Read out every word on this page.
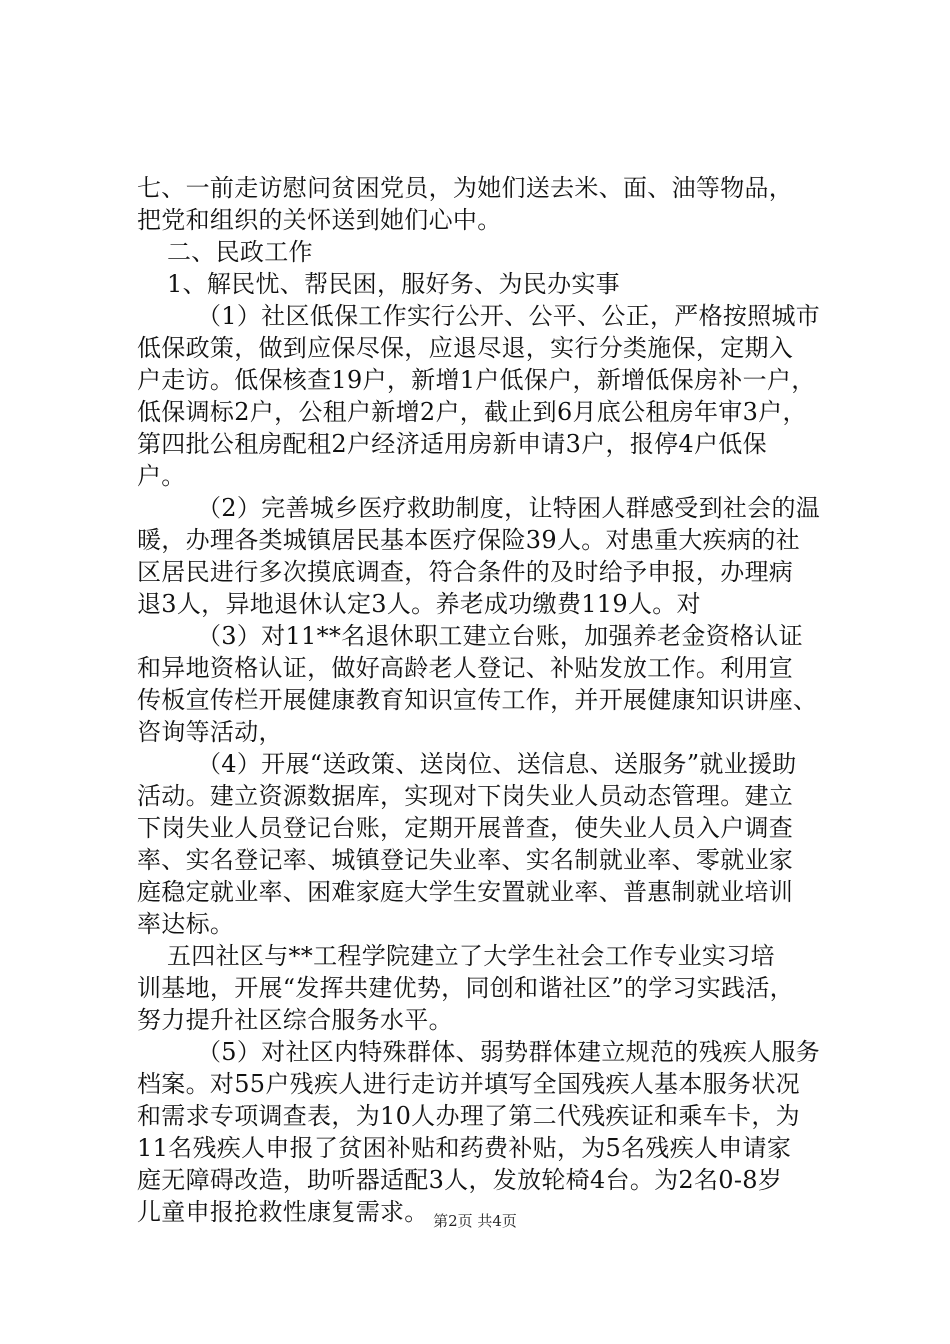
七、一前走访慰问贫困党员，为她们送去米、面、油等物品，
把党和组织的关怀送到她们心中。

二、民政工作

1、解民忧、帮民困，服好务、为民办实事

（1）社区低保工作实行公开、公平、公正，严格按照城市
低保政策，做到应保尽保，应退尽退，实行分类施保，定期入
户走访。低保核查19户，新增1户低保户，新增低保房补一户，
低保调标2户，公租户新增2户，截止到6月底公租房年审3户，
第四批公租房配租2户经济适用房新申请3户，报停4户低保
户。

（2）完善城乡医疗救助制度，让特困人群感受到社会的温
暖，办理各类城镇居民基本医疗保险39人。对患重大疾病的社
区居民进行多次摸底调查，符合条件的及时给予申报，办理病
退3人，异地退休认定3人。养老成功缴费119人。对

（3）对11**名退休职工建立台账，加强养老金资格认证
和异地资格认证，做好高龄老人登记、补贴发放工作。利用宣
传板宣传栏开展健康教育知识宣传工作，并开展健康知识讲座、
咨询等活动，

（4）开展“送政策、送岗位、送信息、送服务”就业援助
活动。建立资源数据库，实现对下岗失业人员动态管理。建立
下岗失业人员登记台账，定期开展普查，使失业人员入户调查
率、实名登记率、城镇登记失业率、实名制就业率、零就业家
庭稳定就业率、困难家庭大学生安置就业率、普惠制就业培训
率达标。

五四社区与**工程学院建立了大学生社会工作专业实习培
训基地，开展“发挥共建优势，同创和谐社区”的学习实践活，
努力提升社区综合服务水平。

（5）对社区内特殊群体、弱势群体建立规范的残疾人服务
档案。对55户残疾人进行走访并填写全国残疾人基本服务状况
和需求专项调查表，为10人办理了第二代残疾证和乘车卡，为
11名残疾人申报了贫困补贴和药费补贴，为5名残疾人申请家
庭无障碍改造，助听器适配3人，发放轮椅4台。为2名0-8岁
儿童申报抢救性康复需求。 第2页 共4页
